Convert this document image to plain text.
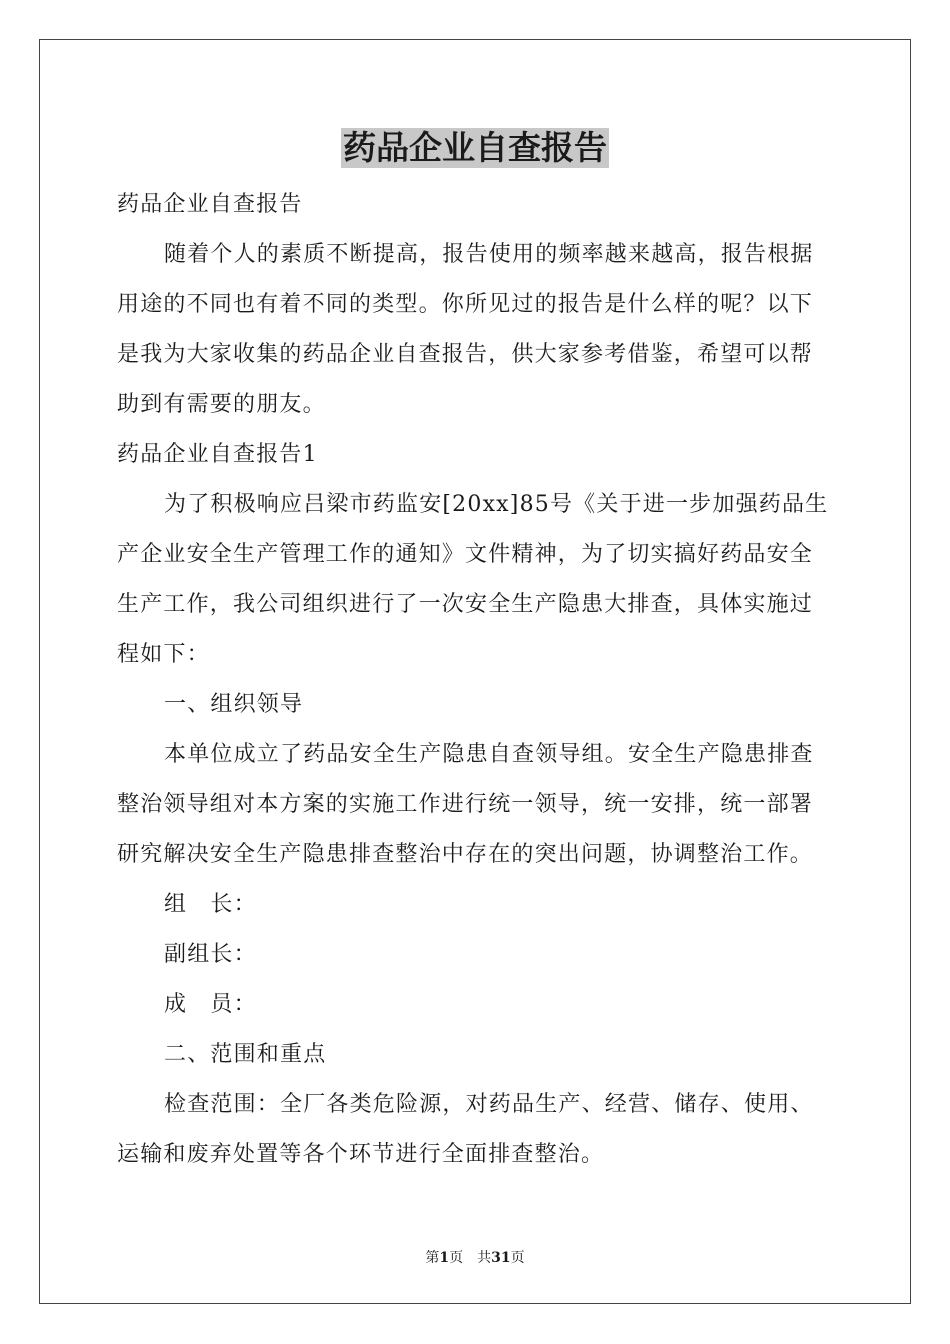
药品企业自查报告

药品企业自查报告

随着个人的素质不断提高，报告使用的频率越来越高，报告根据用途的不同也有着不同的类型。你所见过的报告是什么样的呢？以下是我为大家收集的药品企业自查报告，供大家参考借鉴，希望可以帮助到有需要的朋友。

药品企业自查报告1

为了积极响应吕梁市药监安[20xx]85号《关于进一步加强药品生产企业安全生产管理工作的通知》文件精神，为了切实搞好药品安全生产工作，我公司组织进行了一次安全生产隐患大排查，具体实施过程如下：

一、组织领导

本单位成立了药品安全生产隐患自查领导组。安全生产隐患排查整治领导组对本方案的实施工作进行统一领导，统一安排，统一部署研究解决安全生产隐患排查整治中存在的突出问题，协调整治工作。

组　长：

副组长：

成　员：

二、范围和重点

检查范围：全厂各类危险源，对药品生产、经营、储存、使用、运输和废弃处置等各个环节进行全面排查整治。

第1页 共31页
